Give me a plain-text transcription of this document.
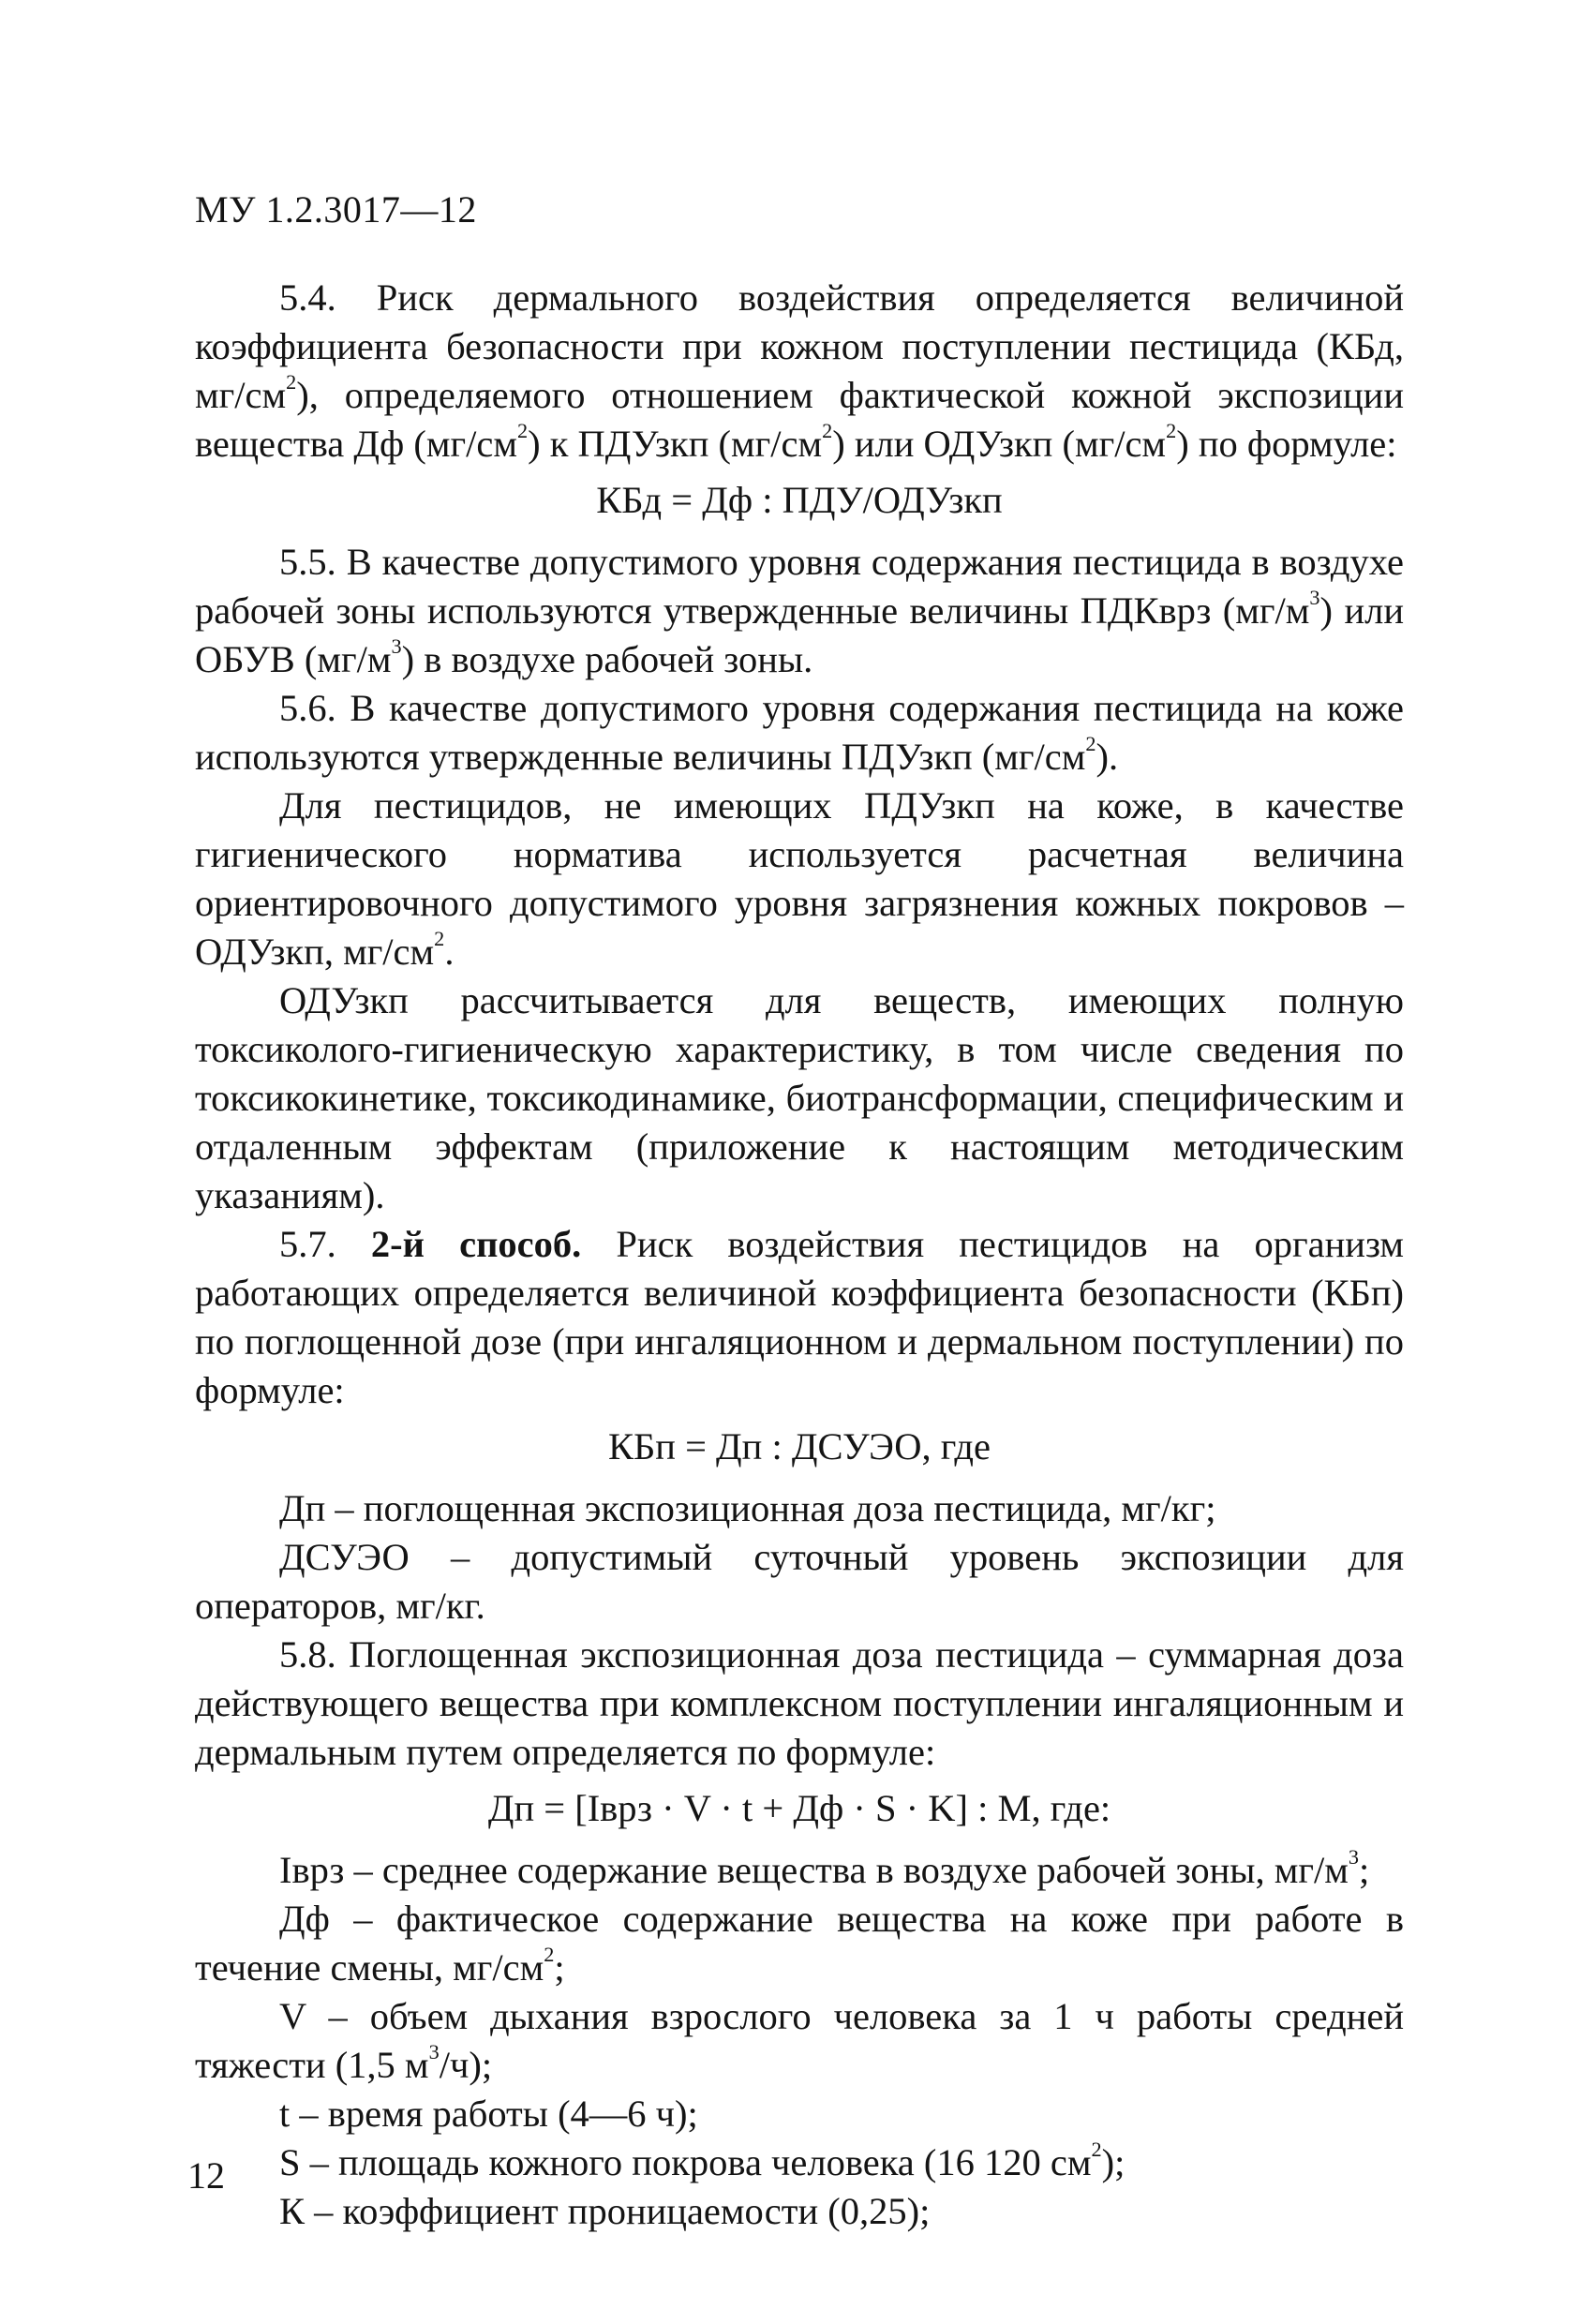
МУ 1.2.3017—12

5.4. Риск дермального воздействия определяется величиной коэффициента безопасности при кожном поступлении пестицида (КБд, $мг/см^2$), определяемого отношением фактической кожной экспозиции вещества Дф $(мг/см^2)$ к ПДУзкп $(мг/см^2)$ или ОДУзкп $(мг/см^2)$ по формуле:

КБд = Дф : ПДУ/ОДУзкп

5.5. В качестве допустимого уровня содержания пестицида в воздухе рабочей зоны используются утвержденные величины ПДКврз $(мг/м^3)$ или ОБУВ $(мг/м^3)$ в воздухе рабочей зоны.

5.6. В качестве допустимого уровня содержания пестицида на коже используются утвержденные величины ПДУзкп $(мг/см^2)$.

Для пестицидов, не имеющих ПДУзкп на коже, в качестве гигиенического норматива используется расчетная величина ориентировочного допустимого уровня загрязнения кожных покровов – ОДУзкп, $мг/см^2$.

ОДУзкп рассчитывается для веществ, имеющих полную токсиколого-гигиеническую характеристику, в том числе сведения по токсикокинетике, токсикодинамике, биотрансформации, специфическим и отдаленным эффектам (приложение к настоящим методическим указаниям).

5.7. 2-й способ. Риск воздействия пестицидов на организм работающих определяется величиной коэффициента безопасности (КБп) по поглощенной дозе (при ингаляционном и дермальном поступлении) по формуле:

КБп = Дп : ДСУЭО, где

Дп – поглощенная экспозиционная доза пестицида, мг/кг;

ДСУЭО – допустимый суточный уровень экспозиции для операторов, мг/кг.

5.8. Поглощенная экспозиционная доза пестицида – суммарная доза действующего вещества при комплексном поступлении ингаляционным и дермальным путем определяется по формуле:

Дп = [Iврз · V · t + Дф · S · K] : M, где:

Iврз – среднее содержание вещества в воздухе рабочей зоны, $мг/м^3$;

Дф – фактическое содержание вещества на коже при работе в течение смены, $мг/см^2$;

V – объем дыхания взрослого человека за 1 ч работы средней тяжести (1,5 $м^3/ч$);

t – время работы (4—6 ч);

S – площадь кожного покрова человека (16 120 $см^2$);

К – коэффициент проницаемости (0,25);

12
